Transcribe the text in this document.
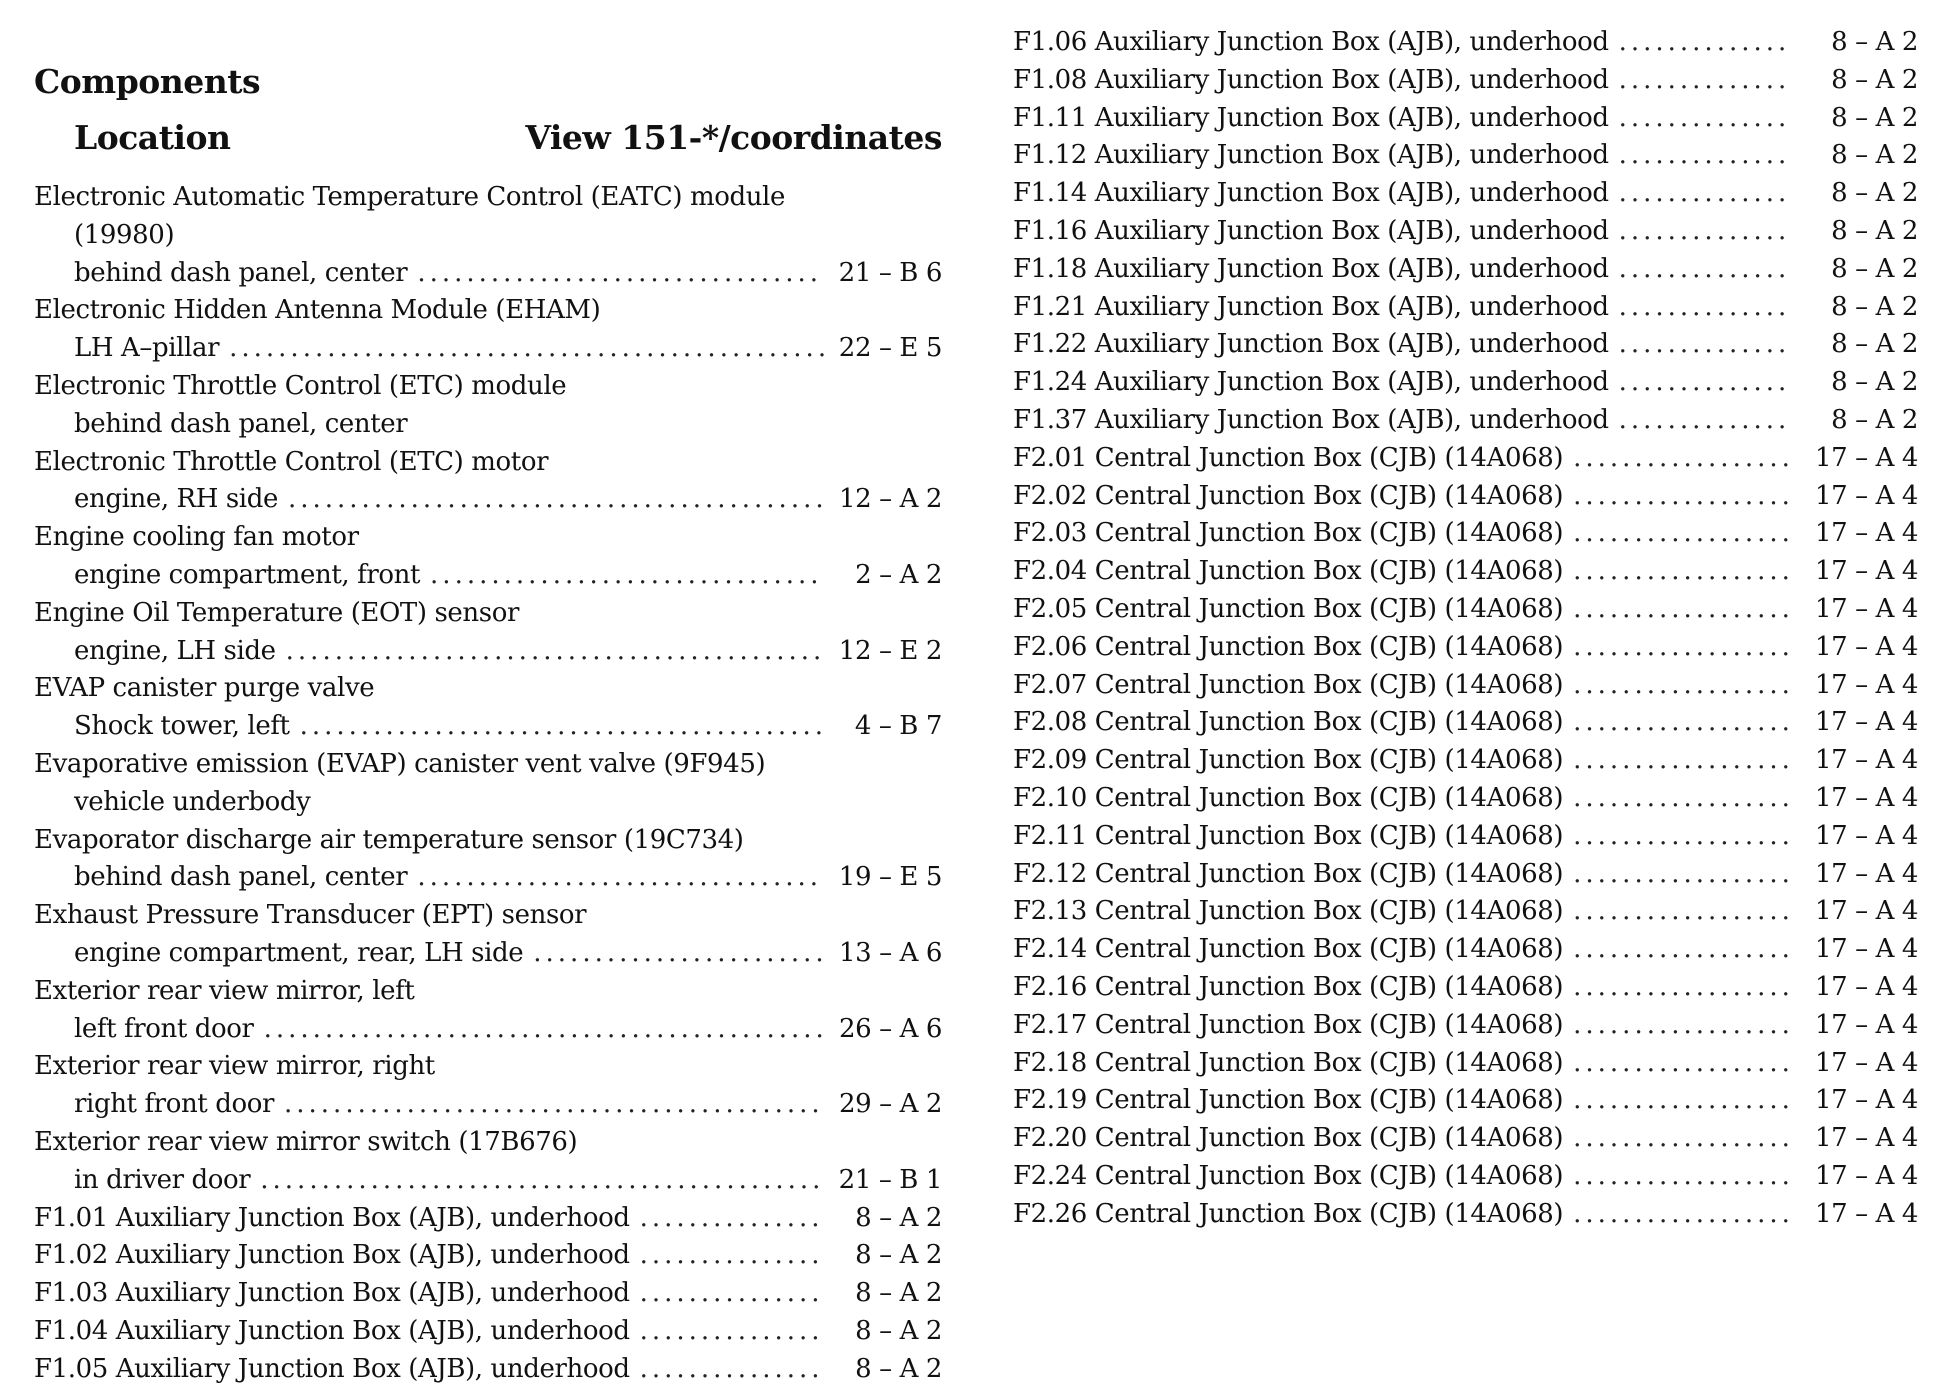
Components
Location	View 151-*/coordinates
Electronic Automatic Temperature Control (EATC) module
(19980)
behind dash panel, center .....	21 – B 6
Electronic Hidden Antenna Module (EHAM)
LH A–pillar .....	22 – E 5
Electronic Throttle Control (ETC) module
behind dash panel, center
Electronic Throttle Control (ETC) motor
engine, RH side .....	12 – A 2
Engine cooling fan motor
engine compartment, front .....	2 – A 2
Engine Oil Temperature (EOT) sensor
engine, LH side .....	12 – E 2
EVAP canister purge valve
Shock tower, left .....	4 – B 7
Evaporative emission (EVAP) canister vent valve (9F945)
vehicle underbody
Evaporator discharge air temperature sensor (19C734)
behind dash panel, center .....	19 – E 5
Exhaust Pressure Transducer (EPT) sensor
engine compartment, rear, LH side .....	13 – A 6
Exterior rear view mirror, left
left front door .....	26 – A 6
Exterior rear view mirror, right
right front door .....	29 – A 2
Exterior rear view mirror switch (17B676)
in driver door .....	21 – B 1
F1.01 Auxiliary Junction Box (AJB), underhood .....	8 – A 2
F1.02 Auxiliary Junction Box (AJB), underhood .....	8 – A 2
F1.03 Auxiliary Junction Box (AJB), underhood .....	8 – A 2
F1.04 Auxiliary Junction Box (AJB), underhood .....	8 – A 2
F1.05 Auxiliary Junction Box (AJB), underhood .....	8 – A 2
F1.06 Auxiliary Junction Box (AJB), underhood .....	8 – A 2
F1.08 Auxiliary Junction Box (AJB), underhood .....	8 – A 2
F1.11 Auxiliary Junction Box (AJB), underhood .....	8 – A 2
F1.12 Auxiliary Junction Box (AJB), underhood .....	8 – A 2
F1.14 Auxiliary Junction Box (AJB), underhood .....	8 – A 2
F1.16 Auxiliary Junction Box (AJB), underhood .....	8 – A 2
F1.18 Auxiliary Junction Box (AJB), underhood .....	8 – A 2
F1.21 Auxiliary Junction Box (AJB), underhood .....	8 – A 2
F1.22 Auxiliary Junction Box (AJB), underhood .....	8 – A 2
F1.24 Auxiliary Junction Box (AJB), underhood .....	8 – A 2
F1.37 Auxiliary Junction Box (AJB), underhood .....	8 – A 2
F2.01 Central Junction Box (CJB) (14A068) .....	17 – A 4
F2.02 Central Junction Box (CJB) (14A068) .....	17 – A 4
F2.03 Central Junction Box (CJB) (14A068) .....	17 – A 4
F2.04 Central Junction Box (CJB) (14A068) .....	17 – A 4
F2.05 Central Junction Box (CJB) (14A068) .....	17 – A 4
F2.06 Central Junction Box (CJB) (14A068) .....	17 – A 4
F2.07 Central Junction Box (CJB) (14A068) .....	17 – A 4
F2.08 Central Junction Box (CJB) (14A068) .....	17 – A 4
F2.09 Central Junction Box (CJB) (14A068) .....	17 – A 4
F2.10 Central Junction Box (CJB) (14A068) .....	17 – A 4
F2.11 Central Junction Box (CJB) (14A068) .....	17 – A 4
F2.12 Central Junction Box (CJB) (14A068) .....	17 – A 4
F2.13 Central Junction Box (CJB) (14A068) .....	17 – A 4
F2.14 Central Junction Box (CJB) (14A068) .....	17 – A 4
F2.16 Central Junction Box (CJB) (14A068) .....	17 – A 4
F2.17 Central Junction Box (CJB) (14A068) .....	17 – A 4
F2.18 Central Junction Box (CJB) (14A068) .....	17 – A 4
F2.19 Central Junction Box (CJB) (14A068) .....	17 – A 4
F2.20 Central Junction Box (CJB) (14A068) .....	17 – A 4
F2.24 Central Junction Box (CJB) (14A068) .....	17 – A 4
F2.26 Central Junction Box (CJB) (14A068) .....	17 – A 4
